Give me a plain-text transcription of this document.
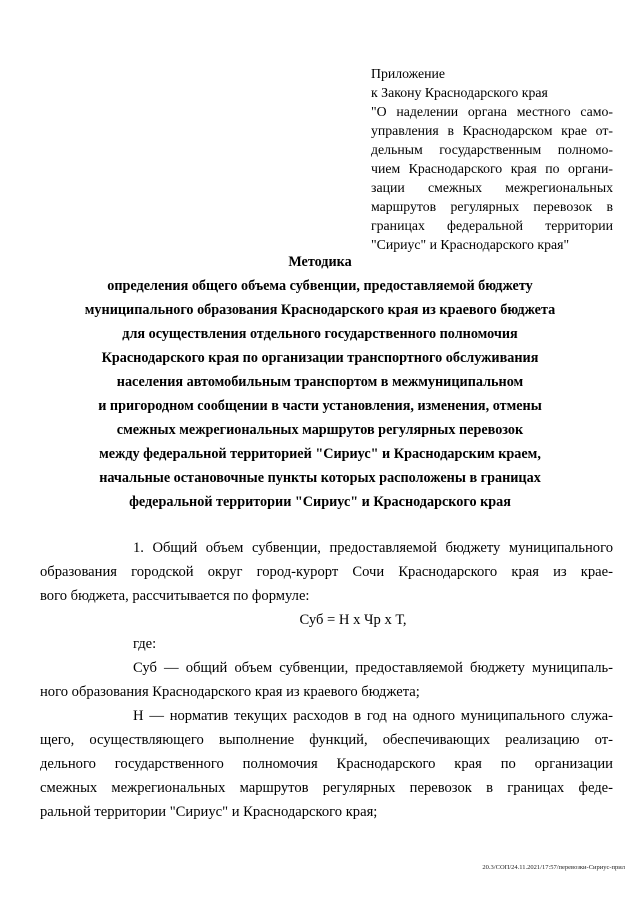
Приложение
к Закону Краснодарского края
"О наделении органа местного само-
управления в Краснодарском крае от-
дельным государственным полномо-
чием Краснодарского края по органи-
зации смежных межрегиональных
маршрутов регулярных перевозок в
границах федеральной территории
"Сириус" и Краснодарского края"
Методика
определения общего объема субвенции, предоставляемой бюджету
муниципального образования Краснодарского края из краевого бюджета
для осуществления отдельного государственного полномочия
Краснодарского края по организации транспортного обслуживания
населения автомобильным транспортом в межмуниципальном
и пригородном сообщении в части установления, изменения, отмены
смежных межрегиональных маршрутов регулярных перевозок
между федеральной территорией "Сириус" и Краснодарским краем,
начальные остановочные пункты которых расположены в границах
федеральной территории "Сириус" и Краснодарского края
1. Общий объем субвенции, предоставляемой бюджету муниципального
образования городской округ город-курорт Сочи Краснодарского края из крае-
вого бюджета, рассчитывается по формуле:
Суб = Н х Чр х Т,
где:
Суб — общий объем субвенции, предоставляемой бюджету муниципаль-
ного образования Краснодарского края из краевого бюджета;
Н — норматив текущих расходов в год на одного муниципального служа-
щего, осуществляющего выполнение функций, обеспечивающих реализацию от-
дельного государственного полномочия Краснодарского края по организации
смежных межрегиональных маршрутов регулярных перевозок в границах феде-
ральной территории "Сириус" и Краснодарского края;
20.3/СОП/24.11.2021/17:57/перевозки-Сириус-прил
